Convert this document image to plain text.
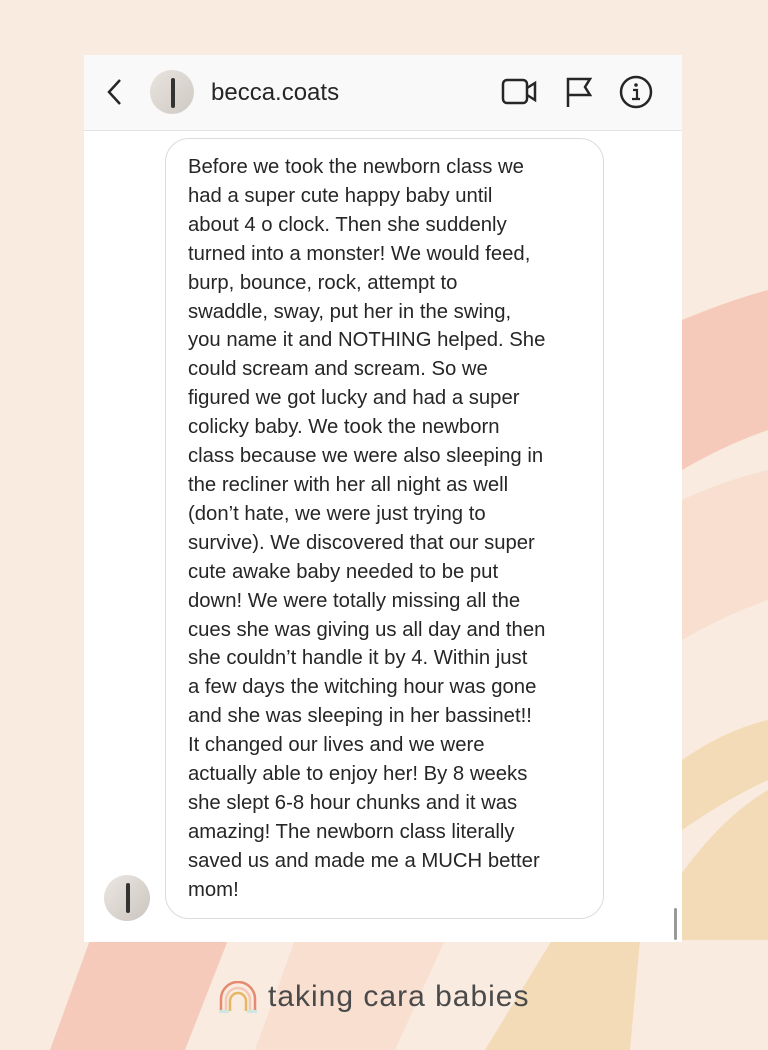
becca.coats
Before we took the newborn class we
had a super cute happy baby until
about 4 o clock. Then she suddenly
turned into a monster! We would feed,
burp, bounce, rock, attempt to
swaddle, sway, put her in the swing,
you name it and NOTHING helped. She
could scream and scream. So we
figured we got lucky and had a super
colicky baby. We took the newborn
class because we were also sleeping in
the recliner with her all night as well
(don’t hate, we were just trying to
survive). We discovered that our super
cute awake baby needed to be put
down! We were totally missing all the
cues she was giving us all day and then
she couldn’t handle it by 4. Within just
a few days the witching hour was gone
and she was sleeping in her bassinet!!
It changed our lives and we were
actually able to enjoy her! By 8 weeks
she slept 6-8 hour chunks and it was
amazing! The newborn class literally
saved us and made me a MUCH better
mom!
taking cara babies
